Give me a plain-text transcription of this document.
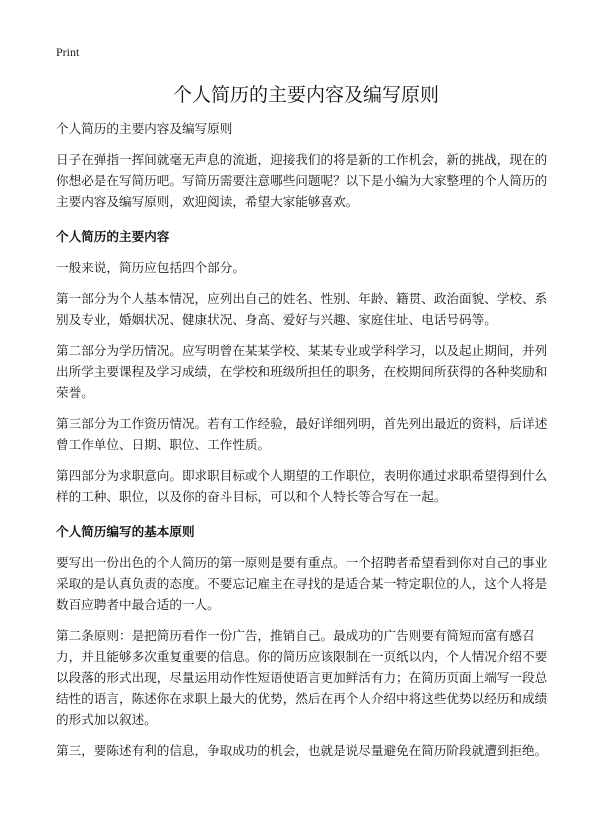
Print

个人简历的主要内容及编写原则

个人简历的主要内容及编写原则

日子在弹指一挥间就毫无声息的流逝，迎接我们的将是新的工作机会，新的挑战，现在的你想必是在写简历吧。写简历需要注意哪些问题呢？以下是小编为大家整理的个人简历的主要内容及编写原则，欢迎阅读，希望大家能够喜欢。

个人简历的主要内容

一般来说，简历应包括四个部分。

第一部分为个人基本情况，应列出自己的姓名、性别、年龄、籍贯、政治面貌、学校、系别及专业，婚姻状况、健康状况、身高、爱好与兴趣、家庭住址、电话号码等。

第二部分为学历情况。应写明曾在某某学校、某某专业或学科学习，以及起止期间，并列出所学主要课程及学习成绩，在学校和班级所担任的职务，在校期间所获得的各种奖励和荣誉。

第三部分为工作资历情况。若有工作经验，最好详细列明，首先列出最近的资料，后详述曾工作单位、日期、职位、工作性质。

第四部分为求职意向。即求职目标或个人期望的工作职位，表明你通过求职希望得到什么样的工种、职位，以及你的奋斗目标，可以和个人特长等合写在一起。

个人简历编写的基本原则

要写出一份出色的个人简历的第一原则是要有重点。一个招聘者希望看到你对自己的事业采取的是认真负责的态度。不要忘记雇主在寻找的是适合某一特定职位的人，这个人将是数百应聘者中最合适的一人。

第二条原则：是把简历看作一份广告，推销自己。最成功的广告则要有简短而富有感召力，并且能够多次重复重要的信息。你的简历应该限制在一页纸以内，个人情况介绍不要以段落的形式出现，尽量运用动作性短语使语言更加鲜活有力；在简历页面上端写一段总结性的语言，陈述你在求职上最大的优势，然后在再个人介绍中将这些优势以经历和成绩的形式加以叙述。

第三，要陈述有利的信息，争取成功的机会，也就是说尽量避免在简历阶段就遭到拒绝。
